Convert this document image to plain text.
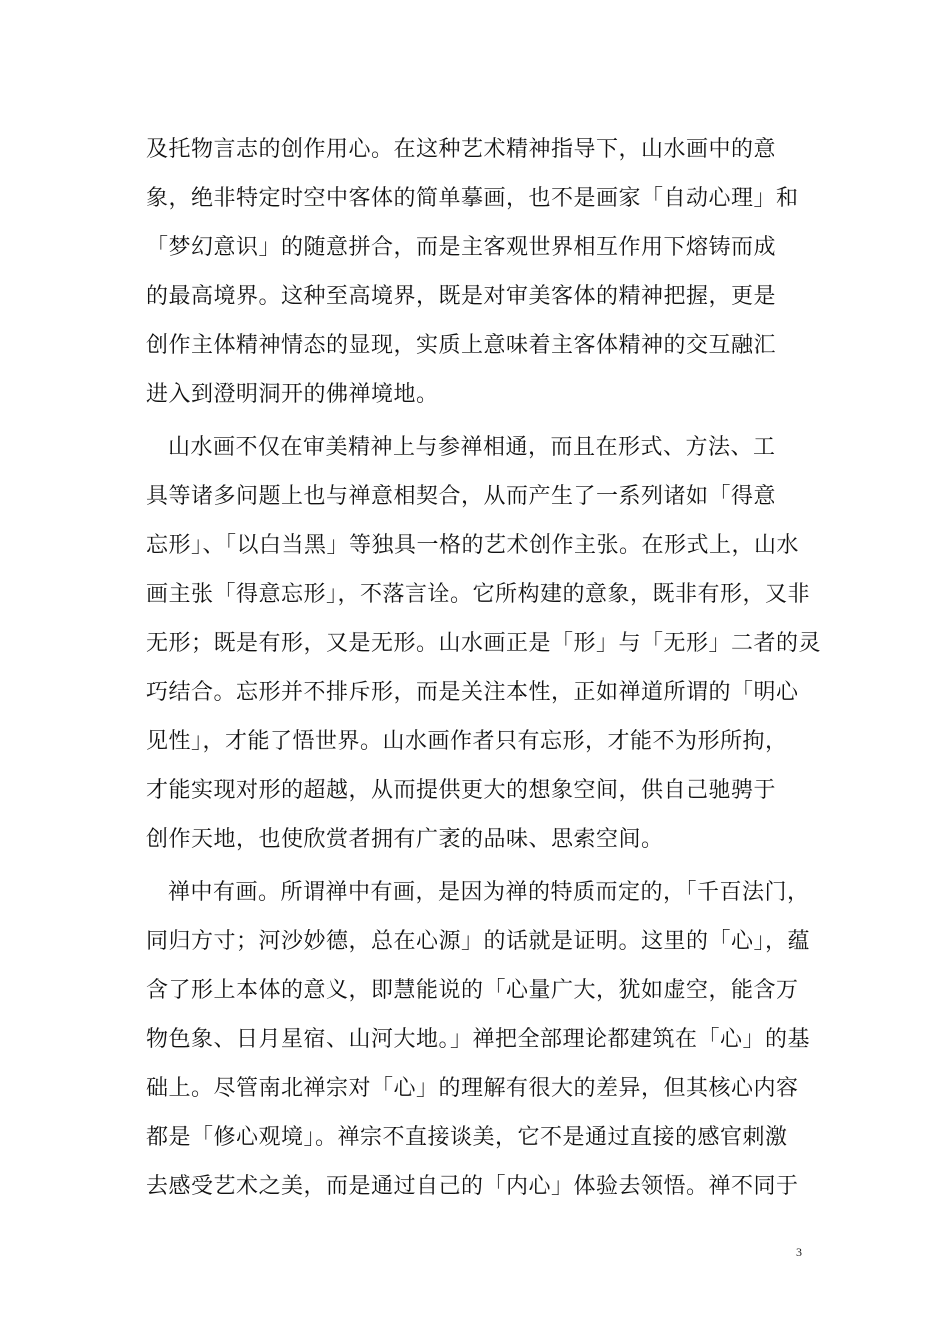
及托物言志的创作用心。在这种艺术精神指导下，山水画中的意
象，绝非特定时空中客体的简单摹画，也不是画家「自动心理」和
「梦幻意识」的随意拼合，而是主客观世界相互作用下熔铸而成
的最高境界。这种至高境界，既是对审美客体的精神把握，更是
创作主体精神情态的显现，实质上意味着主客体精神的交互融汇
进入到澄明洞开的佛禅境地。
山水画不仅在审美精神上与参禅相通，而且在形式、方法、工
具等诸多问题上也与禅意相契合，从而产生了一系列诸如「得意
忘形」、「以白当黑」等独具一格的艺术创作主张。在形式上，山水
画主张「得意忘形」，不落言诠。它所构建的意象，既非有形，又非
无形；既是有形，又是无形。山水画正是「形」与「无形」二者的灵
巧结合。忘形并不排斥形，而是关注本性，正如禅道所谓的「明心
见性」，才能了悟世界。山水画作者只有忘形，才能不为形所拘，
才能实现对形的超越，从而提供更大的想象空间，供自己驰骋于
创作天地，也使欣赏者拥有广袤的品味、思索空间。
禅中有画。所谓禅中有画，是因为禅的特质而定的，「千百法门，
同归方寸；河沙妙德，总在心源」的话就是证明。这里的「心」，蕴
含了形上本体的意义，即慧能说的「心量广大，犹如虚空，能含万
物色象、日月星宿、山河大地。」禅把全部理论都建筑在「心」的基
础上。尽管南北禅宗对「心」的理解有很大的差异，但其核心内容
都是「修心观境」。禅宗不直接谈美，它不是通过直接的感官刺激
去感受艺术之美，而是通过自己的「内心」体验去领悟。禅不同于
3
